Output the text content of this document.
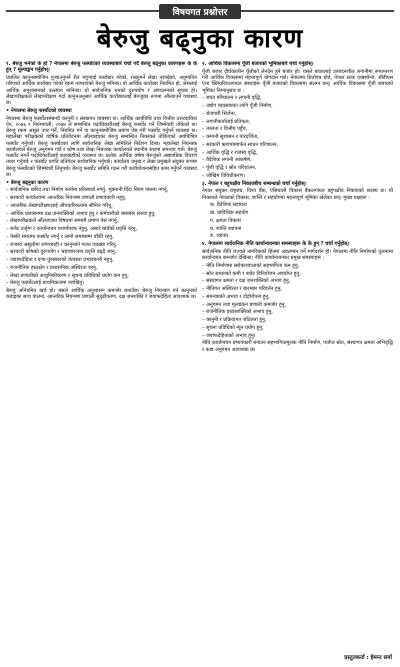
विषयगत प्रश्नोत्तर
बेरुजु बढ्नुका कारण

१. बेरुजु भनेको के हो ? नेपालमा बेरुजु फर्स्योटको व्यवस्थाबारे चर्चा गर्दै बेरुजु बढ्नुका कारणहरू के के हुन् ? मूल्याङ्कन गर्नुहोस्।

प्रचलित कानुनबमोजिम पुऱ्याउनुपर्ने रीत नपुऱ्याई कारोबार गरेको, राख्नुपर्ने लेखा नराखेको, अनुमानित गरिएको आर्थिक कारोबार गरेको रकम नजनाएको बेरुजु भनिन्छ। यो आर्थिक कारोबार नियमित हो, जसलाई आर्थिक अनुशासनको उल्लंघन मानिन्छ। यो सार्वजनिक धनको दुरुपयोग र अपचलनको सूचक हो। लेखापरीक्षकले लेखापरीक्षण गर्दा कानुनअनुसार आर्थिक कारोबारलाई बेरुजुका रूपमा औंल्याउने व्यवस्था छ।

• नेपालमा बेरुजु फर्स्योटको व्यवस्था

नेपालमा बेरुजु फर्स्योटसम्बन्धी कानुनी र संस्थागत व्यवस्था छ। आर्थिक कार्यविधि तथा वित्तीय उत्तरदायित्व ऐन, २०७६ र नियमावली, २०७७ ले सम्बन्धित पदाधिकारीलाई बेरुजु फर्स्योट गर्ने जिम्मेवारी तोकेको छ। बेरुजु रकम असुल उपर गर्ने, नियमित गर्ने वा कानुनबमोजिम प्रमाण पेस गरी फर्स्योट गर्नुपर्ने व्यवस्था छ। महालेखा परीक्षकको वार्षिक प्रतिवेदनमा औंल्याइएका बेरुजु सम्बन्धित निकायले तोकिएको अवधिभित्र फर्स्योट गर्नुपर्छ। बेरुजु फर्स्योटका लागि सार्वजनिक लेखा समितिले निर्देशन दिन्छ। महालेखा नियन्त्रक कार्यालयले बेरुजु अनुगमन गर्छ र कोष तथा लेखा नियन्त्रक कार्यालयले स्थानीय स्तरमा समन्वय गर्छ। बेरुजु फर्स्योट नगर्ने पदाधिकारीलाई कारबाहीको व्यवस्था छ। प्रत्येक आर्थिक वर्षमा बेरुजुको अद्यावधिक विवरण तयार गर्नुपर्छ र फर्स्योट प्रगति प्रतिवेदन सार्वजनिक गर्नुपर्छ। कार्यालय प्रमुख र लेखा प्रमुखले संयुक्त रूपमा बेरुजु फर्स्योटको जिम्मेवारी लिनुपर्छ। बेरुजु फर्स्योट समिति गठन गरी कार्ययोजनासहित काम गर्नुपर्ने व्यवस्था छ।

• बेरुजु बढ्नुका कारण

– सार्वजनिक खरिद तथा निर्माण कार्यमा प्रतिस्पर्धा नगर्नु, भुक्तानी दिँदा नियम पालना नगर्नु,

– सरकारी कार्यालयमा आन्तरिक नियन्त्रण प्रणाली प्रभावकारी नहुनु,

– आन्तरिक लेखापरीक्षणलाई औपचारिकतामा सीमित गरिनु,

– आर्थिक प्रशासनमा दक्ष जनशक्तिको अभाव हुनु र कर्मचारीको बारम्बार सरुवा हुनु,

– लेखापरीक्षकले औंल्याएका विषयमा समयमै प्रमाण पेस नगर्नु,

– बजेट तर्जुमा र कार्यान्वयन यथार्थपरक नहुनु, असारे खर्चको प्रवृत्ति रहनु,

– पेस्की समयमा फर्स्योट नगर्नु र लामो समयसम्म बाँकी रहनु,

– राजस्व असुलीमा लापरबाही र कानुनको गलत व्याख्या गरिनु,

– सरकारी कोषको दुरुपयोग र भ्रष्टाचारजन्य प्रवृत्ति बढ्दै जानु,

– जवाफदेहिता र दण्ड-पुरस्कारको व्यवस्था प्रभावकारी नहुनु,

– राजनीतिक हस्तक्षेप र प्रशासनिक अस्थिरता रहनु,

– लेखा प्रणालीको आधुनिकीकरण र सूचना प्रविधिको प्रयोग कम हुनु,

– बेरुजु फर्स्योटलाई प्राथमिकतामा नराखिनु।

बेरुजु अनियमित खर्च हो। यसले आर्थिक अनुशासन कमजोर बनाउँछ। बेरुजु नियन्त्रण गर्न कानुनको कडाइका साथ पालना, आन्तरिक नियन्त्रण प्रणाली सुदृढीकरण, दक्ष जनशक्ति र जवाफदेहिता आवश्यक छ।

२. आर्थिक विकासमा पूँजी बजारको भूमिकाबारे चर्चा गर्नुहोस्।

पूँजी बजार दीर्घकालीन पूँजीको लेनदेन हुने बजार हो। यसले बचतलाई उत्पादनशील लगानीमा रूपान्तरण गरी आर्थिक विकासमा महत्त्वपूर्ण योगदान गर्छ। नेपालमा धितोपत्र बोर्ड, नेपाल स्टक एक्सचेन्ज, सीडीएस एन्ड क्लियरिङलगायत संस्थाहरू पूँजी बजारको विकासमा संलग्न छन्। आर्थिक विकासमा पूँजी बजारको भूमिका निम्नानुसार छ :

– बचत परिचालन र लगानी वृद्धि,

– उद्योग व्यवसायका लागि पूँजी निर्माण,

– रोजगारी सिर्जना,

– लगानीकर्तालाई प्रतिफल,

– तरलता र वित्तीय पहुँच,

– कम्पनी सुशासन र पारदर्शिता,

– सरकारी ऋणपत्रमार्फत साधन परिचालन,

– आर्थिक वृद्धि र राजस्व वृद्धि,

– वैदेशिक लगानी आकर्षण,

– पूँजी वृद्धि र स्रोत परिचालन,

– जोखिम विविधीकरण।

३. नेपाल र बहुपक्षीय निकायबीच सम्बन्धको चर्चा गर्नुहोस्।

नेपाल संयुक्त राष्ट्रसंघ, विश्व बैंक, एसियाली विकास बैंकलगायत बहुपक्षीय निकायको सदस्य छ। यी निकायले नेपालको विकास, शान्ति र सहयोगमा महत्त्वपूर्ण भूमिका खेलेका छन्। मुख्य पक्षहरू :

क. वैदेशिक सहायता

ख. प्राविधिक सहयोग

ग. क्षमता विकास

घ. शान्ति स्थापना

ङ. व्यापार

४. नेपालमा सार्वजनिक नीति कार्यान्वयनका समस्याहरू के के हुन् ? चर्चा गर्नुहोस्।

सार्वजनिक नीति राज्यले नागरिकको हितमा अवलम्बन गर्ने मार्गदर्शन हो। नेपालमा नीति निर्माणको तुलनामा कार्यान्वयन कमजोर देखिन्छ। नीति कार्यान्वयनका प्रमुख समस्याहरू :

– नीति निर्माणमा सरोकारवालाको सहभागिता कम हुनु,

– स्रोत साधनको कमी र बजेट विनियोजन अपर्याप्त हुनु,

– संस्थागत क्षमता र दक्ष जनशक्तिको अभाव हुनु,

– नीतिगत अस्थिरता र बारम्बार परिवर्तन हुनु,

– समन्वयको अभाव र दोहोरोपना हुनु,

– अनुगमन तथा मूल्यांकन प्रणाली कमजोर हुनु,

– राजनीतिक इच्छाशक्तिको अभाव हुनु,

– कानुनी र प्रक्रियागत जटिलता हुनु,

– सूचना प्रविधिको न्यून प्रयोग हुनु,

– जवाफदेहिताको अभाव हुनु।

नीति कार्यान्वयन प्रभावकारी बनाउन सहभागितामूलक नीति निर्माण, पर्याप्त स्रोत, संस्थागत क्षमता अभिवृद्धि र कडा अनुगमन आवश्यक छ।

प्रस्तुतकर्ता : हेमन्त सर्मा
